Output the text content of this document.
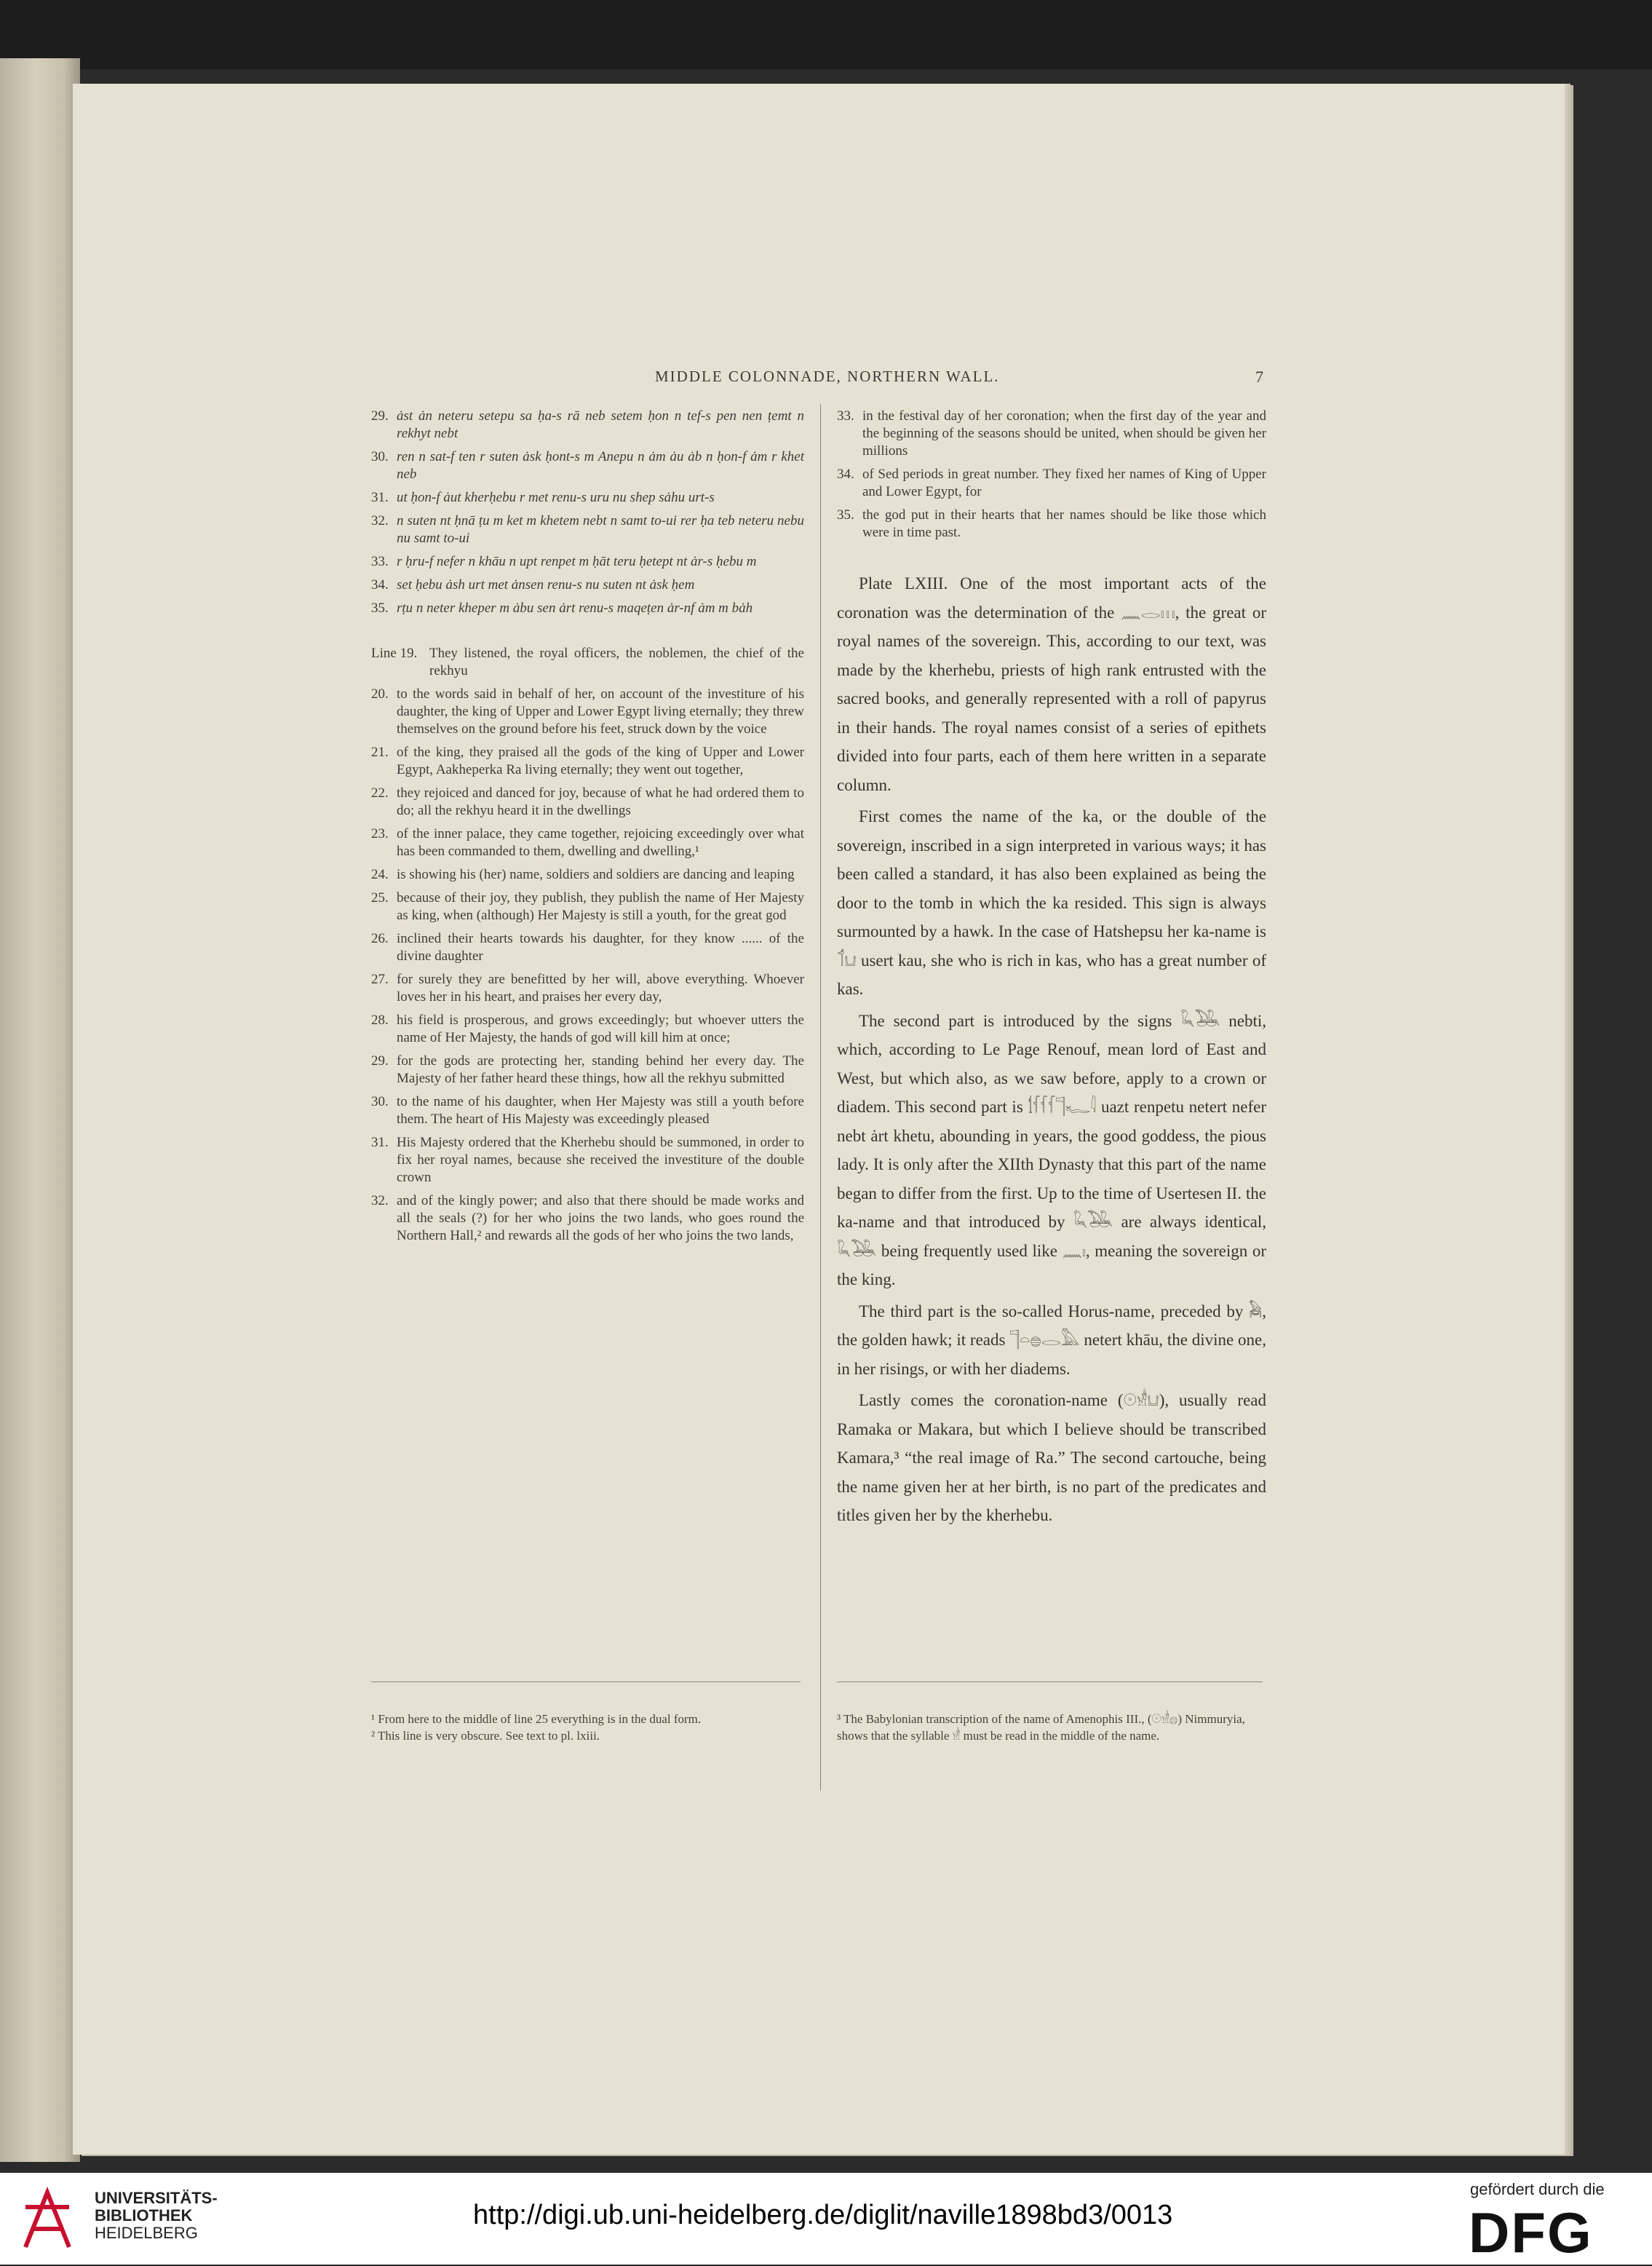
MIDDLE COLONNADE, NORTHERN WALL.	7
29. ȧst ȧn neteru setepu sa ḥa-s rā neb setem ḥon n tef-s pen nen ṭemt n rekhyt nebt
30. ren n sat-f ten r suten ȧsk ḥont-s m Anepu n ȧm ȧu ȧb n ḥon-f ȧm r khet neb
31. ut ḥon-f ȧut kherḥebu r met renu-s uru nu shep sȧhu urt-s
32. n suten nt ḥnā ṭu m ket m khetem nebt n samt to-ui rer ḥa teb neteru nebu nu samt to-ui
33. r ḥru-f nefer n khāu n upt renpet m ḥāt teru ḥetept nt ȧr-s ḥebu m
34. set ḥebu ȧsh urt met ȧnsen renu-s nu suten nt ȧsk ḥem
35. rṭu n neter kheper m ȧbu sen ȧrt renu-s maqeṭen ȧr-nf ȧm m bȧh
Line 19. They listened, the royal officers, the noblemen, the chief of the rekhyu
20. to the words said in behalf of her, on account of the investiture of his daughter, the king of Upper and Lower Egypt living eternally; they threw themselves on the ground before his feet, struck down by the voice
21. of the king, they praised all the gods of the king of Upper and Lower Egypt, Aakheperka Ra living eternally; they went out together,
22. they rejoiced and danced for joy, because of what he had ordered them to do; all the rekhyu heard it in the dwellings
23. of the inner palace, they came together, rejoicing exceedingly over what has been commanded to them, dwelling and dwelling,¹
24. is showing his (her) name, soldiers and soldiers are dancing and leaping
25. because of their joy, they publish, they publish the name of Her Majesty as king, when (although) Her Majesty is still a youth, for the great god
26. inclined their hearts towards his daughter, for they know ...... of the divine daughter
27. for surely they are benefitted by her will, above everything. Whoever loves her in his heart, and praises her every day,
28. his field is prosperous, and grows exceedingly; but whoever utters the name of Her Majesty, the hands of god will kill him at once;
29. for the gods are protecting her, standing behind her every day. The Majesty of her father heard these things, how all the rekhyu submitted
30. to the name of his daughter, when Her Majesty was still a youth before them. The heart of His Majesty was exceedingly pleased
31. His Majesty ordered that the Kherhebu should be summoned, in order to fix her royal names, because she received the investiture of the double crown
32. and of the kingly power; and also that there should be made works and all the seals (?) for her who joins the two lands, who goes round the Northern Hall,² and rewards all the gods of her who joins the two lands,
33. in the festival day of her coronation; when the first day of the year and the beginning of the seasons should be united, when should be given her millions
34. of Sed periods in great number. They fixed her names of King of Upper and Lower Egypt, for
35. the god put in their hearts that her names should be like those which were in time past.

Plate LXIII. One of the most important acts of the coronation was the determination of the 𓈖𓂋𓏥, the great or royal names of the sovereign. This, according to our text, was made by the kherhebu, priests of high rank entrusted with the sacred books, and generally represented with a roll of papyrus in their hands. The royal names consist of a series of epithets divided into four parts, each of them here written in a separate column.

First comes the name of the ka, or the double of the sovereign, inscribed in a sign interpreted in various ways; it has been called a standard, it has also been explained as being the door to the tomb in which the ka resided. This sign is always surmounted by a hawk. In the case of Hatshepsu her ka-name is 𓄊𓂓 usert kau, she who is rich in kas, who has a great number of kas.

The second part is introduced by the signs 𓆗𓅒 nebti, which, according to Le Page Renouf, mean lord of East and West, but which also, as we saw before, apply to a crown or diadem. This second part is 𓌀𓆳𓆳𓆳𓊹𓆑𓇋 uazt renpetu netert nefer nebt ȧrt khetu, abounding in years, the good goddess, the pious lady. It is only after the XIIth Dynasty that this part of the name began to differ from the first. Up to the time of Usertesen II. the ka-name and that introduced by 𓆗𓅒 are always identical, 𓆗𓅒 being frequently used like 𓈖𓏤, meaning the sovereign or the king.

The third part is the so-called Horus-name, preceded by 𓅉, the golden hawk; it reads 𓊹𓏏𓐍𓂋𓅓 netert khāu, the divine one, in her risings, or with her diadems.

Lastly comes the coronation-name (𓇳𓁧𓂓), usually read Ramaka or Makara, but which I believe should be transcribed Kamara,³ “the real image of Ra.” The second cartouche, being the name given her at her birth, is no part of the predicates and titles given her by the kherhebu.

¹ From here to the middle of line 25 everything is in the dual form.
² This line is very obscure. See text to pl. lxiii.
³ The Babylonian transcription of the name of Amenophis III., (𓇳𓁧𓐍) Nimmuryia, shows that the syllable 𓁧 must be read in the middle of the name.
UNIVERSITÄTS-
BIBLIOTHEK
HEIDELBERG
http://digi.ub.uni-heidelberg.de/diglit/naville1898bd3/0013
gefördert durch die
DFG
